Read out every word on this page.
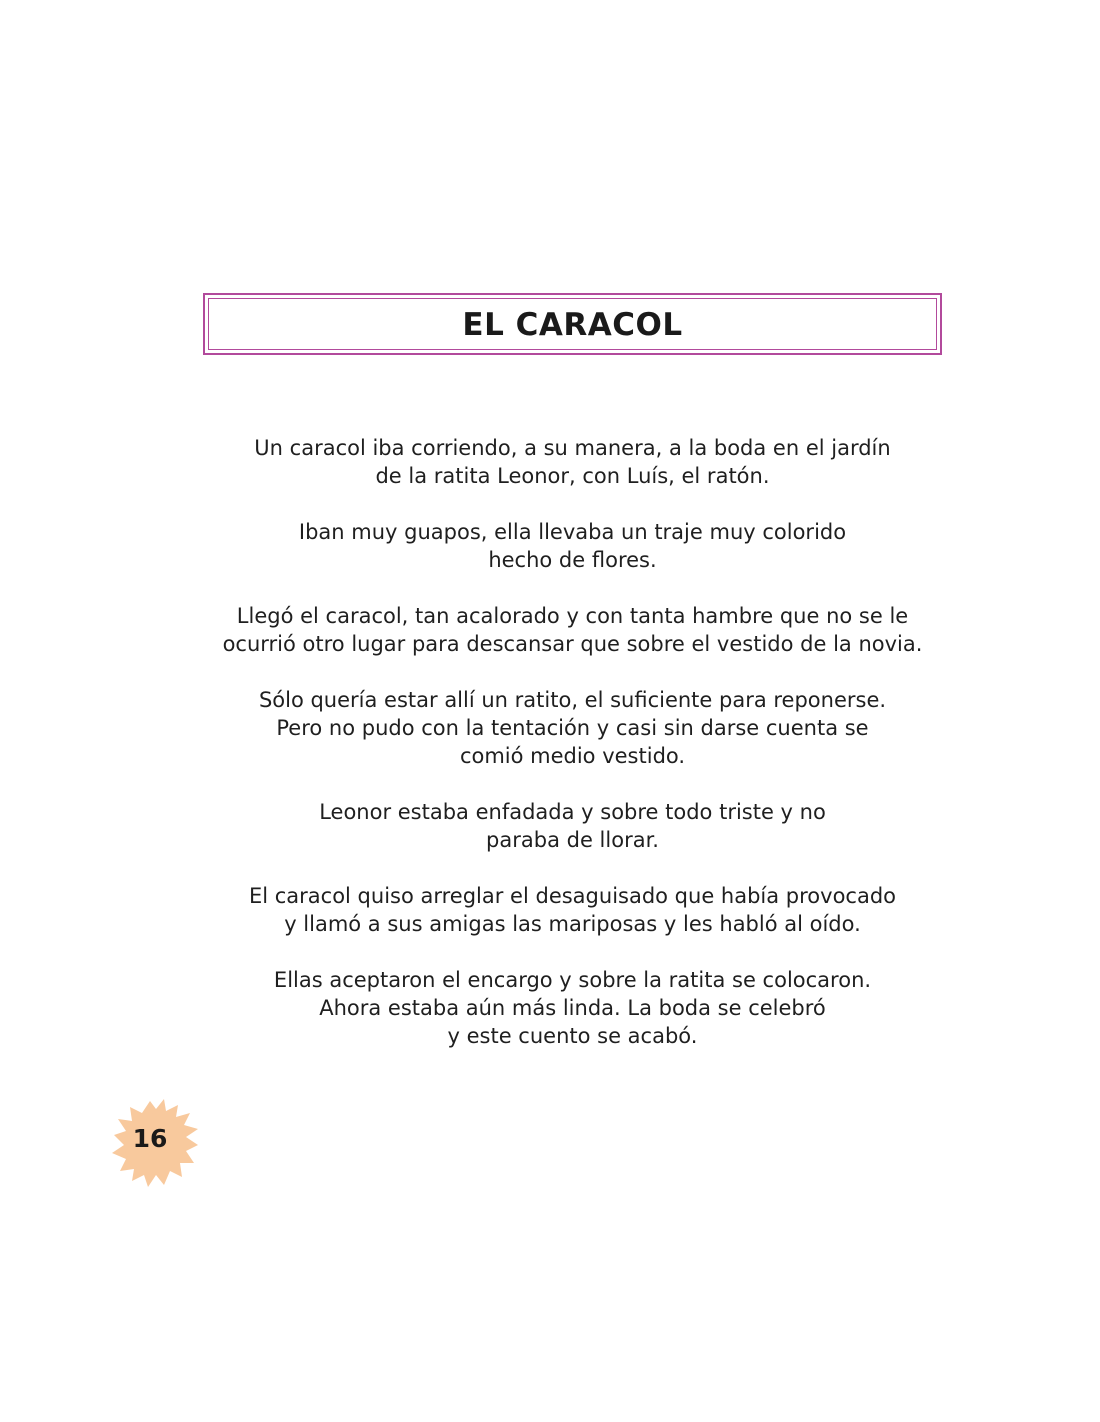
EL CARACOL

Un caracol iba corriendo, a su manera, a la boda en el jardín
de la ratita Leonor, con Luís, el ratón.

Iban muy guapos, ella llevaba un traje muy colorido
hecho de flores.

Llegó el caracol, tan acalorado y con tanta hambre que no se le
ocurrió otro lugar para descansar que sobre el vestido de la novia.

Sólo quería estar allí un ratito, el suficiente para reponerse.
Pero no pudo con la tentación y casi sin darse cuenta se
comió medio vestido.

Leonor estaba enfadada y sobre todo triste y no
paraba de llorar.

El caracol quiso arreglar el desaguisado que había provocado
y llamó a sus amigas las mariposas y les habló al oído.

Ellas aceptaron el encargo y sobre la ratita se colocaron.
Ahora estaba aún más linda. La boda se celebró
y este cuento se acabó.

16
